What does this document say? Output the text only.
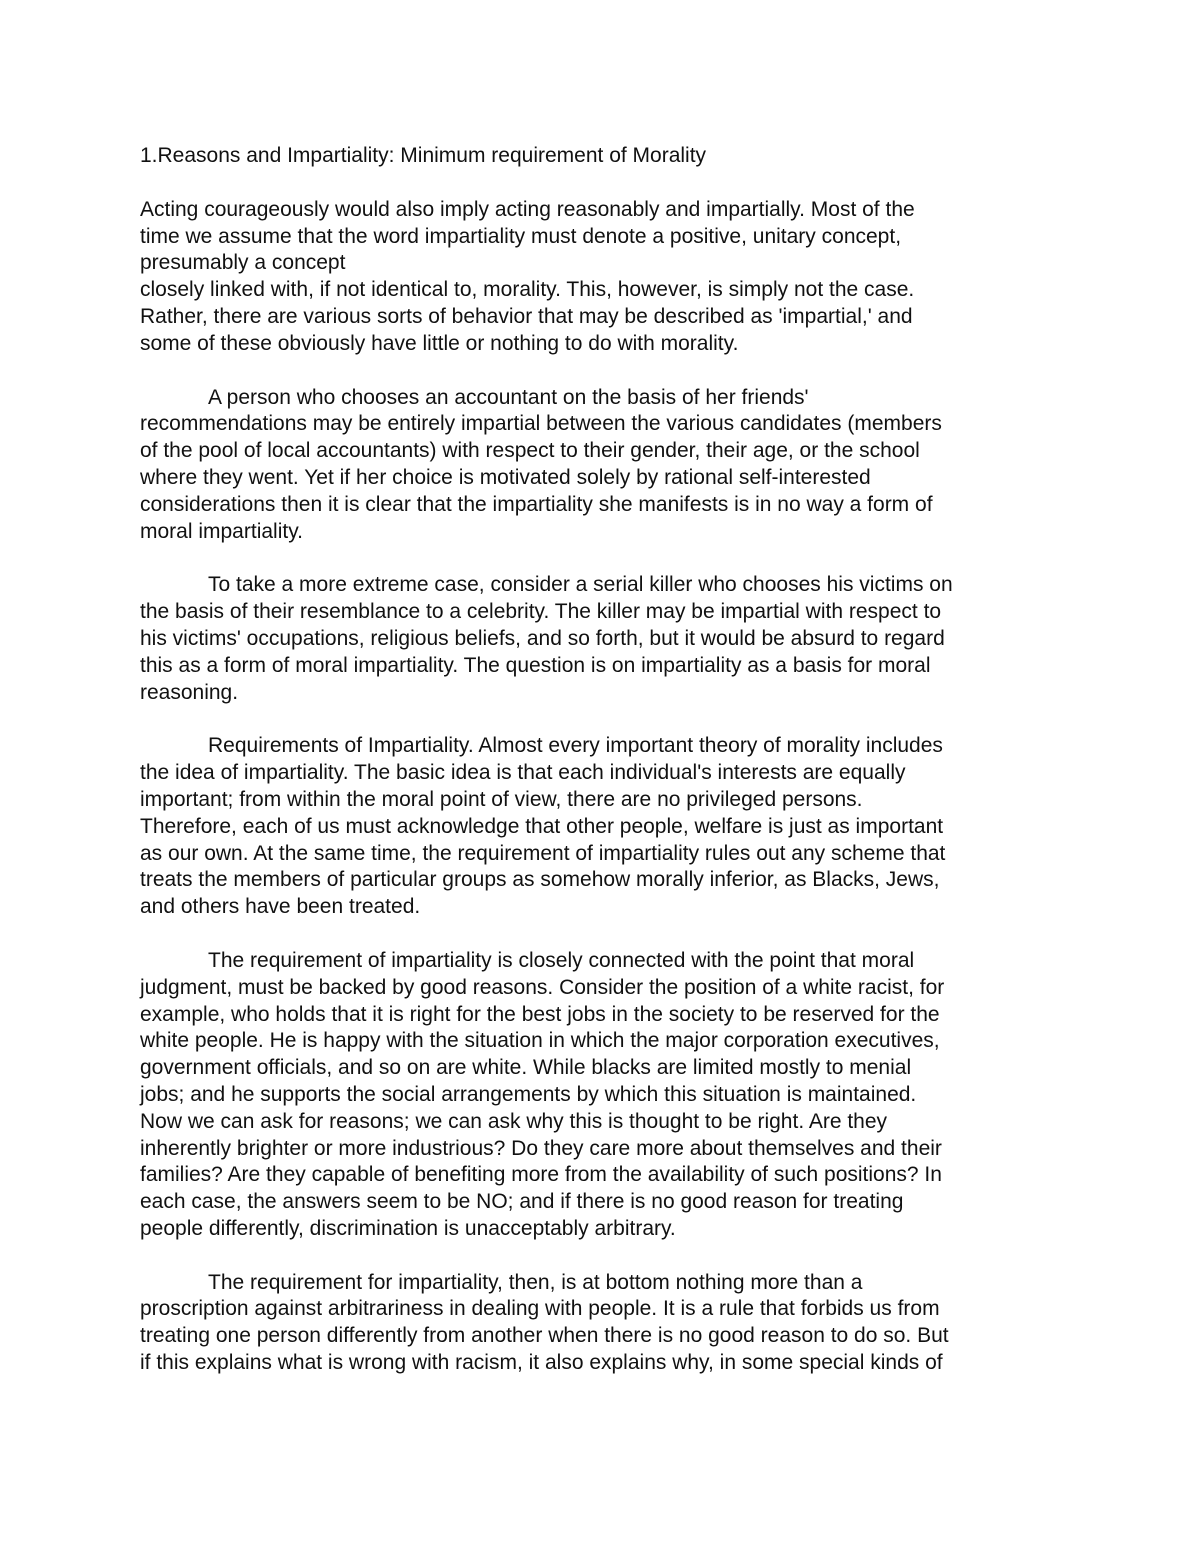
1.Reasons and Impartiality: Minimum requirement of Morality

Acting courageously would also imply acting reasonably and impartially. Most of the
time we assume that the word impartiality must denote a positive, unitary concept,
presumably a concept
closely linked with, if not identical to, morality. This, however, is simply not the case.
Rather, there are various sorts of behavior that may be described as 'impartial,' and
some of these obviously have little or nothing to do with morality.

A person who chooses an accountant on the basis of her friends'
recommendations may be entirely impartial between the various candidates (members
of the pool of local accountants) with respect to their gender, their age, or the school
where they went. Yet if her choice is motivated solely by rational self-interested
considerations then it is clear that the impartiality she manifests is in no way a form of
moral impartiality.

To take a more extreme case, consider a serial killer who chooses his victims on
the basis of their resemblance to a celebrity. The killer may be impartial with respect to
his victims' occupations, religious beliefs, and so forth, but it would be absurd to regard
this as a form of moral impartiality. The question is on impartiality as a basis for moral
reasoning.

Requirements of Impartiality. Almost every important theory of morality includes
the idea of impartiality. The basic idea is that each individual's interests are equally
important; from within the moral point of view, there are no privileged persons.
Therefore, each of us must acknowledge that other people, welfare is just as important
as our own. At the same time, the requirement of impartiality rules out any scheme that
treats the members of particular groups as somehow morally inferior, as Blacks, Jews,
and others have been treated.

The requirement of impartiality is closely connected with the point that moral
judgment, must be backed by good reasons. Consider the position of a white racist, for
example, who holds that it is right for the best jobs in the society to be reserved for the
white people. He is happy with the situation in which the major corporation executives,
government officials, and so on are white. While blacks are limited mostly to menial
jobs; and he supports the social arrangements by which this situation is maintained.
Now we can ask for reasons; we can ask why this is thought to be right. Are they
inherently brighter or more industrious? Do they care more about themselves and their
families? Are they capable of benefiting more from the availability of such positions? In
each case, the answers seem to be NO; and if there is no good reason for treating
people differently, discrimination is unacceptably arbitrary.

The requirement for impartiality, then, is at bottom nothing more than a
proscription against arbitrariness in dealing with people. It is a rule that forbids us from
treating one person differently from another when there is no good reason to do so. But
if this explains what is wrong with racism, it also explains why, in some special kinds of
